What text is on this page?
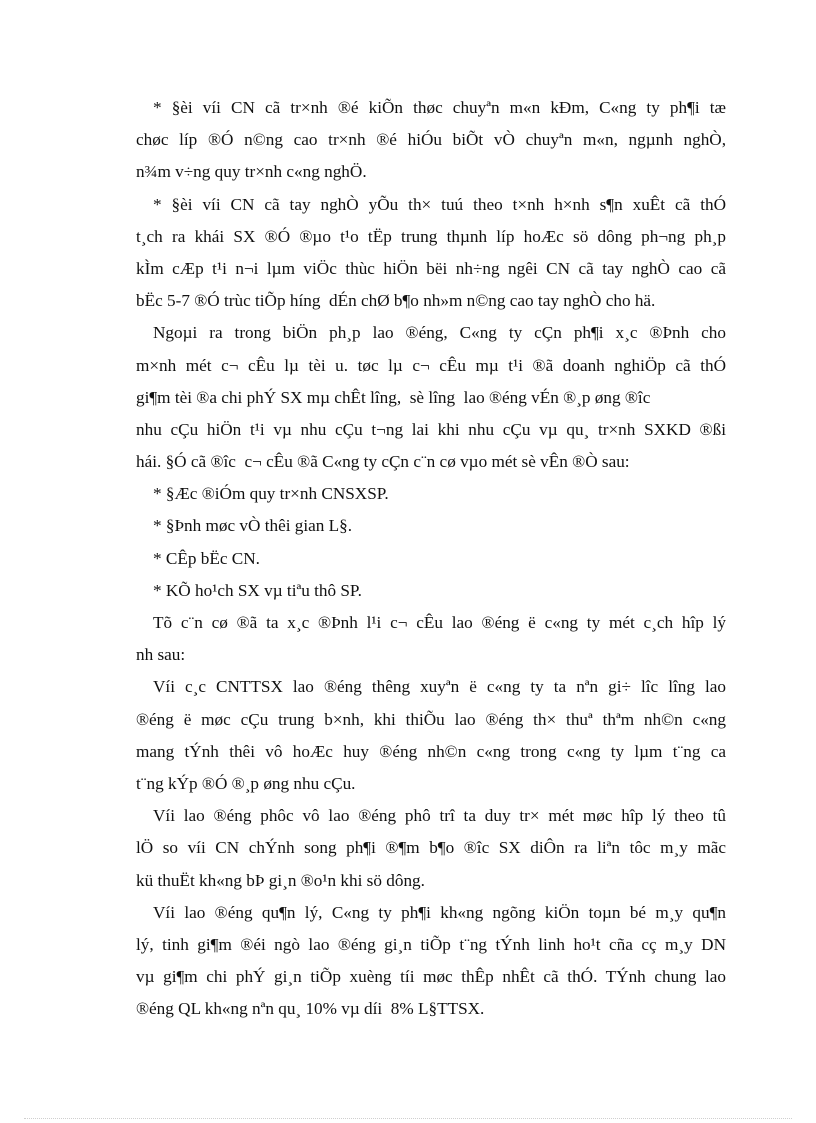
* §èi víi CN cã tr×nh ®é kiÕn thøc chuyªn m«n kÐm, C«ng ty ph¶i tæ
chøc líp ®Ó n©ng cao tr×nh ®é hiÓu biÕt vÒ chuyªn m«n, ngµnh nghÒ,
n¾m v÷ng quy tr×nh c«ng nghÖ.
* §èi víi CN cã tay nghÒ yÕu th× tuú theo t×nh h×nh s¶n xuÊt cã thÓ
t¸ch ra khái SX ®Ó ®µo t¹o tËp trung thµnh líp hoÆc sö dông ph¬ng ph¸p
kÌm cÆp t¹i n¬i lµm viÖc thùc hiÖn bëi nh÷ng ngêi CN cã tay nghÒ cao cã
bËc 5-7 ®Ó trùc tiÕp híng  dÉn chØ b¶o nh»m n©ng cao tay nghÒ cho hä.
Ngoµi ra trong biÖn ph¸p lao ®éng, C«ng ty cÇn ph¶i x¸c ®Þnh cho
m×nh mét c¬ cÊu lµ tèi u. tøc lµ c¬ cÊu mµ t¹i ®ã doanh nghiÖp cã thÓ
gi¶m tèi ®a chi phÝ SX mµ chÊt lîng,  sè lîng  lao ®éng vÉn ®¸p øng ®îc
nhu cÇu hiÖn t¹i vµ nhu cÇu t¬ng lai khi nhu cÇu vµ qu¸ tr×nh SXKD ®ßi
hái. §Ó cã ®îc  c¬ cÊu ®ã C«ng ty cÇn c¨n cø vµo mét sè vÊn ®Ò sau:
* §Æc ®iÓm quy tr×nh CNSXSP.
* §Þnh møc vÒ thêi gian L§.
* CÊp bËc CN.
* KÕ ho¹ch SX vµ tiªu thô SP.
Tõ c¨n cø ®ã ta x¸c ®Þnh l¹i c¬ cÊu lao ®éng ë c«ng ty mét c¸ch hîp lý
nh sau:
Víi c¸c CNTTSX lao ®éng thêng xuyªn ë c«ng ty ta nªn gi÷ lîc lîng lao
®éng ë møc cÇu trung b×nh, khi thiÕu lao ®éng th× thuª thªm nh©n c«ng
mang tÝnh thêi vô hoÆc huy ®éng nh©n c«ng trong c«ng ty lµm t¨ng ca
t¨ng kÝp ®Ó ®¸p øng nhu cÇu.
Víi lao ®éng phôc vô lao ®éng phô trî ta duy tr× mét møc hîp lý theo tû
lÖ so víi CN chÝnh song ph¶i ®¶m b¶o ®îc SX diÔn ra liªn tôc m¸y mãc
kü thuËt kh«ng bÞ gi¸n ®o¹n khi sö dông.
Víi lao ®éng qu¶n lý, C«ng ty ph¶i kh«ng ngõng kiÖn toµn bé m¸y qu¶n
lý, tinh gi¶m ®éi ngò lao ®éng gi¸n tiÕp t¨ng tÝnh linh ho¹t cña cç m¸y DN
vµ gi¶m chi phÝ gi¸n tiÕp xuèng tíi møc thÊp nhÊt cã thÓ. TÝnh chung lao
®éng QL kh«ng nªn qu¸ 10% vµ díi  8% L§TTSX.
